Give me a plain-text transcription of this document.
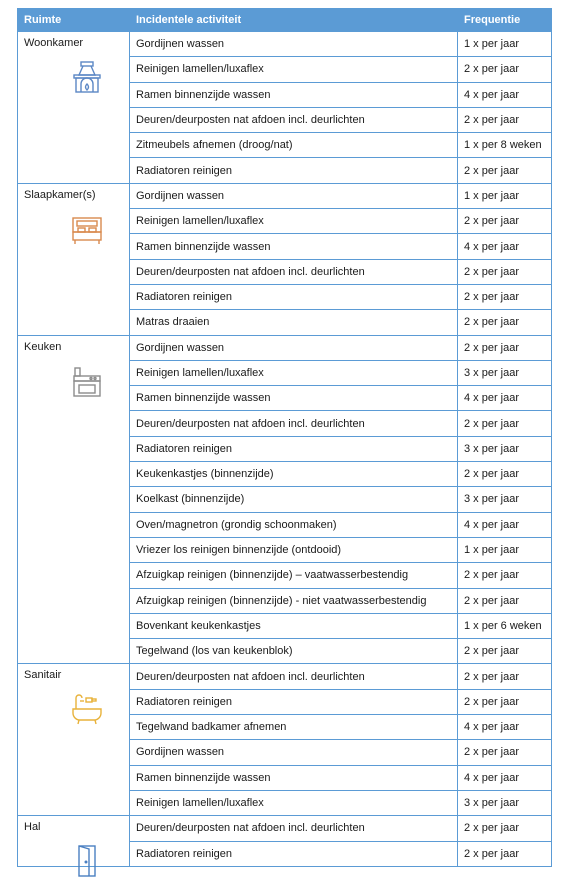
Ruimte	Incidentele activiteit	Frequentie

Woonkamer	Gordijnen wassen	1 x per jaar
	Reinigen lamellen/luxaflex	2 x per jaar
	Ramen binnenzijde wassen	4 x per jaar
	Deuren/deurposten nat afdoen incl. deurlichten	2 x per jaar
	Zitmeubels afnemen (droog/nat)	1 x per 8 weken
	Radiatoren reinigen	2 x per jaar

Slaapkamer(s)	Gordijnen wassen	1 x per jaar
	Reinigen lamellen/luxaflex	2 x per jaar
	Ramen binnenzijde wassen	4 x per jaar
	Deuren/deurposten nat afdoen incl. deurlichten	2 x per jaar
	Radiatoren reinigen	2 x per jaar
	Matras draaien	2 x per jaar

Keuken	Gordijnen wassen	2 x per jaar
	Reinigen lamellen/luxaflex	3 x per jaar
	Ramen binnenzijde wassen	4 x per jaar
	Deuren/deurposten nat afdoen incl. deurlichten	2 x per jaar
	Radiatoren reinigen	3 x per jaar
	Keukenkastjes (binnenzijde)	2 x per jaar
	Koelkast (binnenzijde)	3 x per jaar
	Oven/magnetron (grondig schoonmaken)	4 x per jaar
	Vriezer los reinigen binnenzijde (ontdooid)	1 x per jaar
	Afzuigkap reinigen (binnenzijde) – vaatwasserbestendig	2 x per jaar
	Afzuigkap reinigen (binnenzijde) - niet vaatwasserbestendig	2 x per jaar
	Bovenkant keukenkastjes	1 x per 6 weken
	Tegelwand (los van keukenblok)	2 x per jaar

Sanitair	Deuren/deurposten nat afdoen incl. deurlichten	2 x per jaar
	Radiatoren reinigen	2 x per jaar
	Tegelwand badkamer afnemen	4 x per jaar
	Gordijnen wassen	2 x per jaar
	Ramen binnenzijde wassen	4 x per jaar
	Reinigen lamellen/luxaflex	3 x per jaar

Hal	Deuren/deurposten nat afdoen incl. deurlichten	2 x per jaar
	Radiatoren reinigen	2 x per jaar
